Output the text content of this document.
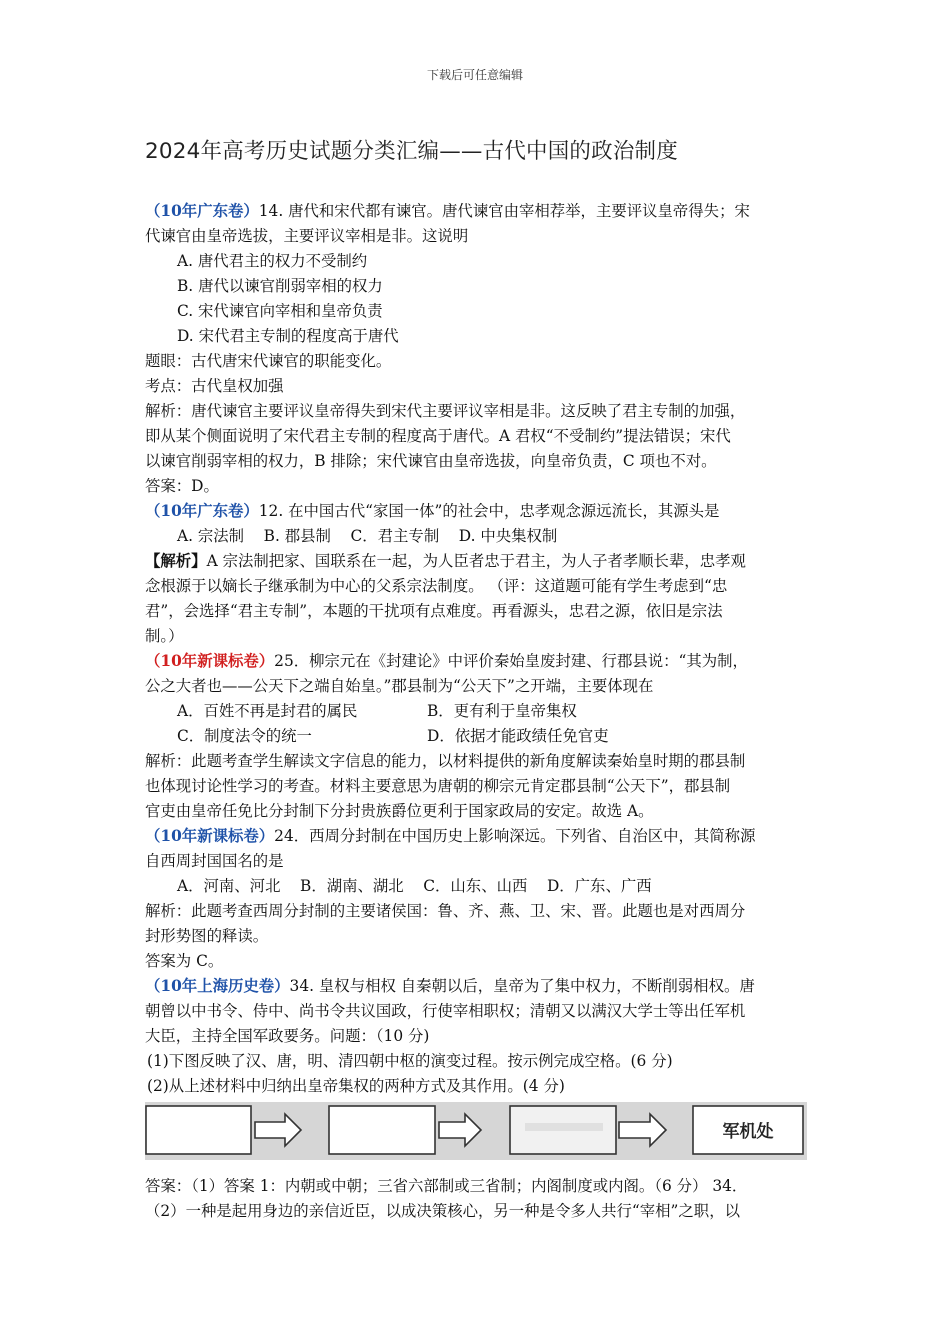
下载后可任意编辑
2024年高考历史试题分类汇编——古代中国的政治制度

（10年广东卷）14. 唐代和宋代都有谏官。唐代谏官由宰相荐举，主要评议皇帝得失；宋

代谏官由皇帝选拔，主要评议宰相是非。这说明

A. 唐代君主的权力不受制约

B. 唐代以谏官削弱宰相的权力

C. 宋代谏官向宰相和皇帝负责

D. 宋代君主专制的程度高于唐代

题眼：古代唐宋代谏官的职能变化。

考点：古代皇权加强

解析：唐代谏官主要评议皇帝得失到宋代主要评议宰相是非。这反映了君主专制的加强，

即从某个侧面说明了宋代君主专制的程度高于唐代。A 君权“不受制约”提法错误；宋代

以谏官削弱宰相的权力，B 排除；宋代谏官由皇帝选拔，向皇帝负责，C 项也不对。

答案：D。

（10年广东卷）12. 在中国古代“家国一体”的社会中，忠孝观念源远流长，其源头是

A. 宗法制    B. 郡县制    C．君主专制    D. 中央集权制

【解析】A 宗法制把家、国联系在一起，为人臣者忠于君主，为人子者孝顺长辈，忠孝观

念根源于以嫡长子继承制为中心的父系宗法制度。 （评：这道题可能有学生考虑到“忠

君”，会选择“君主专制”，本题的干扰项有点难度。再看源头，忠君之源，依旧是宗法

制。）

（10年新课标卷）25．柳宗元在《封建论》中评价秦始皇废封建、行郡县说：“其为制，

公之大者也——公天下之端自始皇。”郡县制为“公天下”之开端，主要体现在

A．百姓不再是封君的属民	B．更有利于皇帝集权

C．制度法令的统一	D．依据才能政绩任免官吏

解析：此题考查学生解读文字信息的能力，以材料提供的新角度解读秦始皇时期的郡县制

也体现讨论性学习的考查。材料主要意思为唐朝的柳宗元肯定郡县制“公天下”，郡县制

官吏由皇帝任免比分封制下分封贵族爵位更利于国家政局的安定。故选 A。

（10年新课标卷）24．西周分封制在中国历史上影响深远。下列省、自治区中，其简称源

自西周封国国名的是

A．河南、河北    B．湖南、湖北    C．山东、山西    D．广东、广西

解析：此题考查西周分封制的主要诸侯国：鲁、齐、燕、卫、宋、晋。此题也是对西周分

封形势图的释读。

答案为 C。

（10年上海历史卷）34. 皇权与相权 自秦朝以后，皇帝为了集中权力，不断削弱相权。唐

朝曾以中书令、侍中、尚书令共议国政，行使宰相职权；清朝又以满汉大学士等出任军机

大臣，主持全国军政要务。问题：（10 分)

(1)下图反映了汉、唐，明、清四朝中枢的演变过程。按示例完成空格。(6 分)

(2)从上述材料中归纳出皇帝集权的两种方式及其作用。(4 分)

军机处

答案：（1）答案 1：内朝或中朝；三省六部制或三省制；内阁制度或内阁。（6 分） 34．

（2）一种是起用身边的亲信近臣，以成决策核心，另一种是令多人共行“宰相”之职，以
